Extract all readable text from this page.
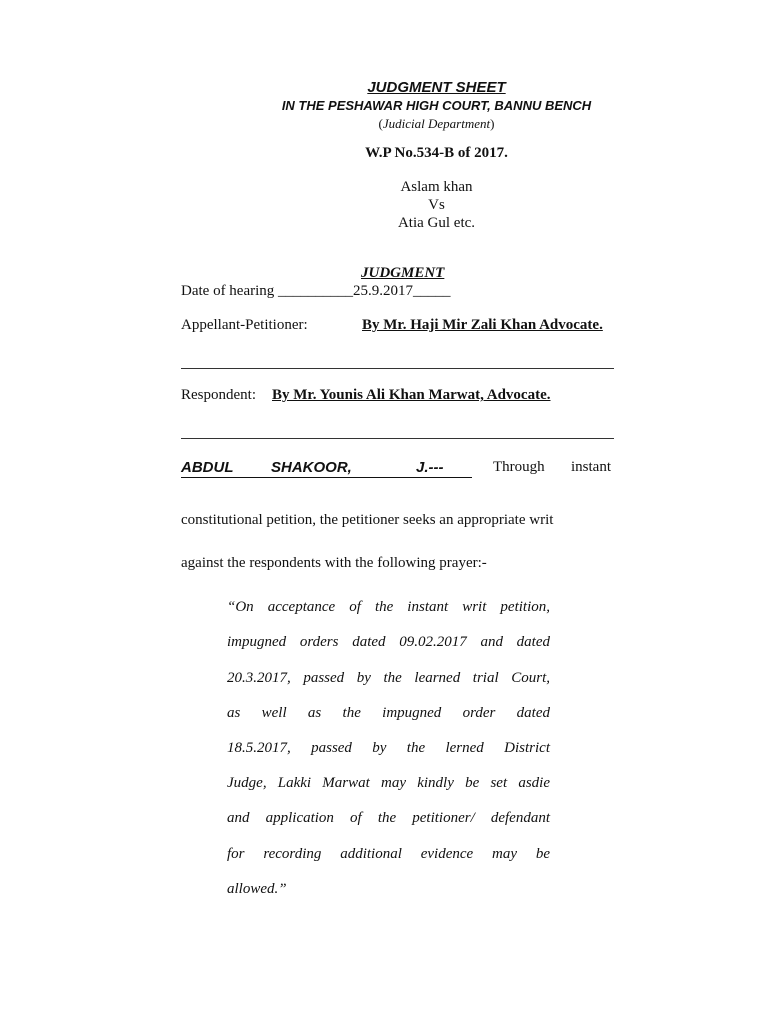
JUDGMENT SHEET

IN THE PESHAWAR HIGH COURT, BANNU BENCH

(Judicial Department)

W.P No.534-B of 2017.

Aslam khan

Vs

Atia Gul etc.

JUDGMENT

Date of hearing __________25.9.2017_____

Appellant-Petitioner:	By Mr. Haji Mir Zali Khan Advocate.

Respondent: By Mr. Younis Ali Khan Marwat, Advocate.

ABDUL	SHAKOOR,	J.---	Through instant

constitutional petition, the petitioner seeks an appropriate writ

against the respondents with the following prayer:-

“On acceptance of the instant writ petition,

impugned orders dated 09.02.2017 and dated

20.3.2017, passed by the learned trial Court,

as well as the impugned order dated

18.5.2017, passed by the lerned District

Judge, Lakki Marwat may kindly be set asdie

and application of the petitioner/ defendant

for recording additional evidence may be

allowed.”
